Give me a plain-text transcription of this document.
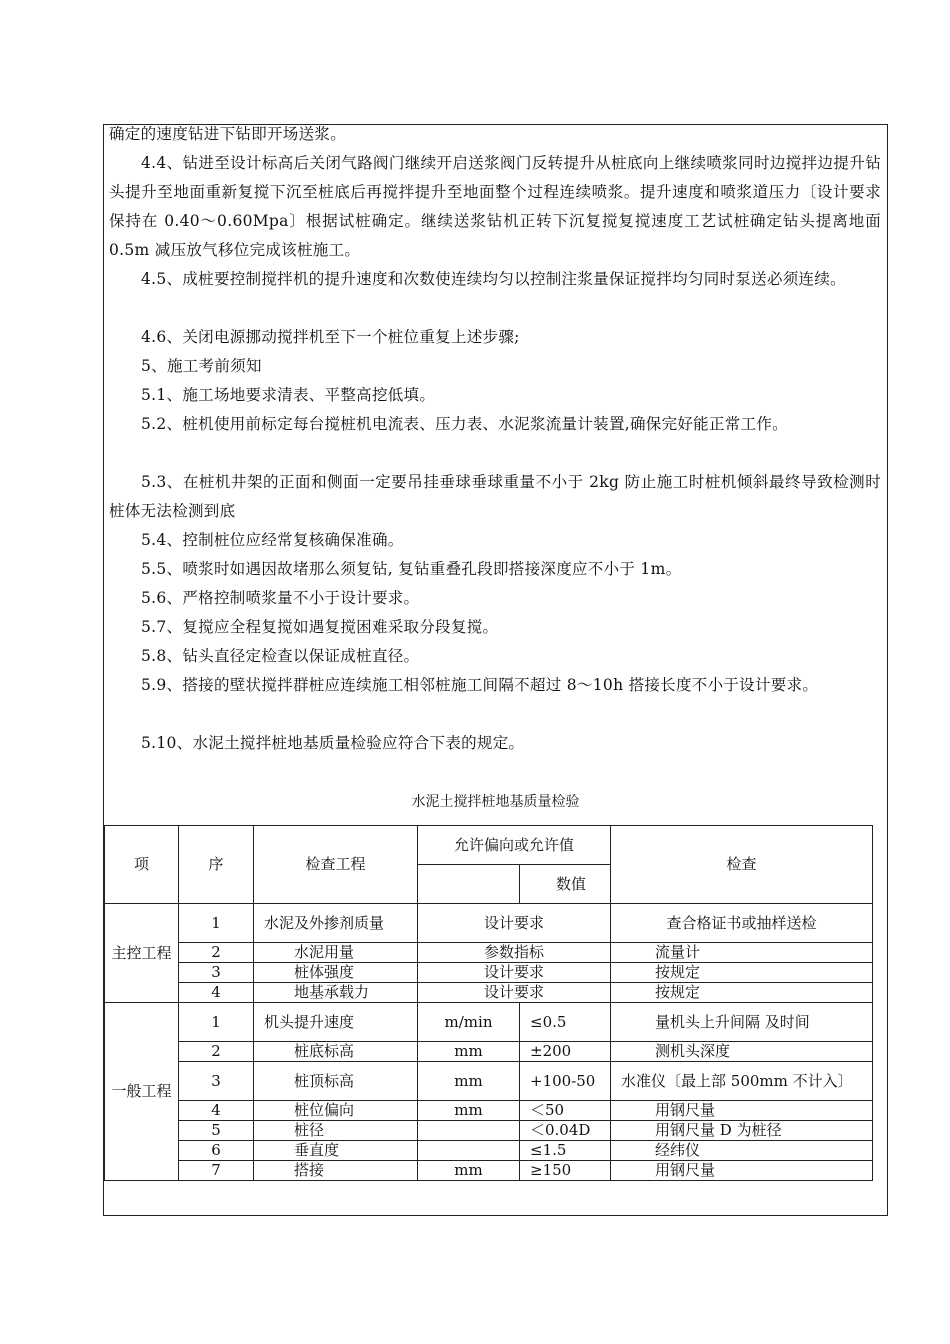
确定的速度钻进下钻即开场送浆。

4.4、钻进至设计标高后关闭气路阀门继续开启送浆阀门反转提升从桩底向上继续喷浆同时边搅拌边提升钻头提升至地面重新复搅下沉至桩底后再搅拌提升至地面整个过程连续喷浆。提升速度和喷浆道压力〔设计要求保持在 0.40～0.60Mpa〕根据试桩确定。继续送浆钻机正转下沉复搅复搅速度工艺试桩确定钻头提离地面 0.5m 减压放气移位完成该桩施工。

4.5、成桩要控制搅拌机的提升速度和次数使连续均匀以控制注浆量保证搅拌均匀同时泵送必须连续。

4.6、关闭电源挪动搅拌机至下一个桩位重复上述步骤;

5、施工考前须知

5.1、施工场地要求清表、平整高挖低填。

5.2、桩机使用前标定每台搅桩机电流表、压力表、水泥浆流量计装置,确保完好能正常工作。

5.3、在桩机井架的正面和侧面一定要吊挂垂球垂球重量不小于 2kg 防止施工时桩机倾斜最终导致检测时桩体无法检测到底

5.4、控制桩位应经常复核确保准确。

5.5、喷浆时如遇因故堵那么须复钻, 复钻重叠孔段即搭接深度应不小于 1m。

5.6、严格控制喷浆量不小于设计要求。

5.7、复搅应全程复搅如遇复搅困难采取分段复搅。

5.8、钻头直径定检查以保证成桩直径。

5.9、搭接的壁状搅拌群桩应连续施工相邻桩施工间隔不超过 8～10h 搭接长度不小于设计要求。

5.10、水泥土搅拌桩地基质量检验应符合下表的规定。

水泥土搅拌桩地基质量检验
项	序	检查工程	允许偏向或允许值		检查
				数值	
主控工程	1	水泥及外掺剂质量	设计要求		查合格证书或抽样送检
	2	水泥用量	参数指标		流量计
	3	桩体强度	设计要求		按规定
	4	地基承载力	设计要求		按规定
一般工程	1	机头提升速度	m/min	≤0.5	量机头上升间隔 及时间
	2	桩底标高	mm	±200	测机头深度
	3	桩顶标高	mm	+100-50	水准仪〔最上部 500mm 不计入〕
	4	桩位偏向	mm	＜50	用钢尺量
	5	桩径		＜0.04D	用钢尺量 D 为桩径
	6	垂直度		≤1.5	经纬仪
	7	搭接	mm	≥150	用钢尺量
